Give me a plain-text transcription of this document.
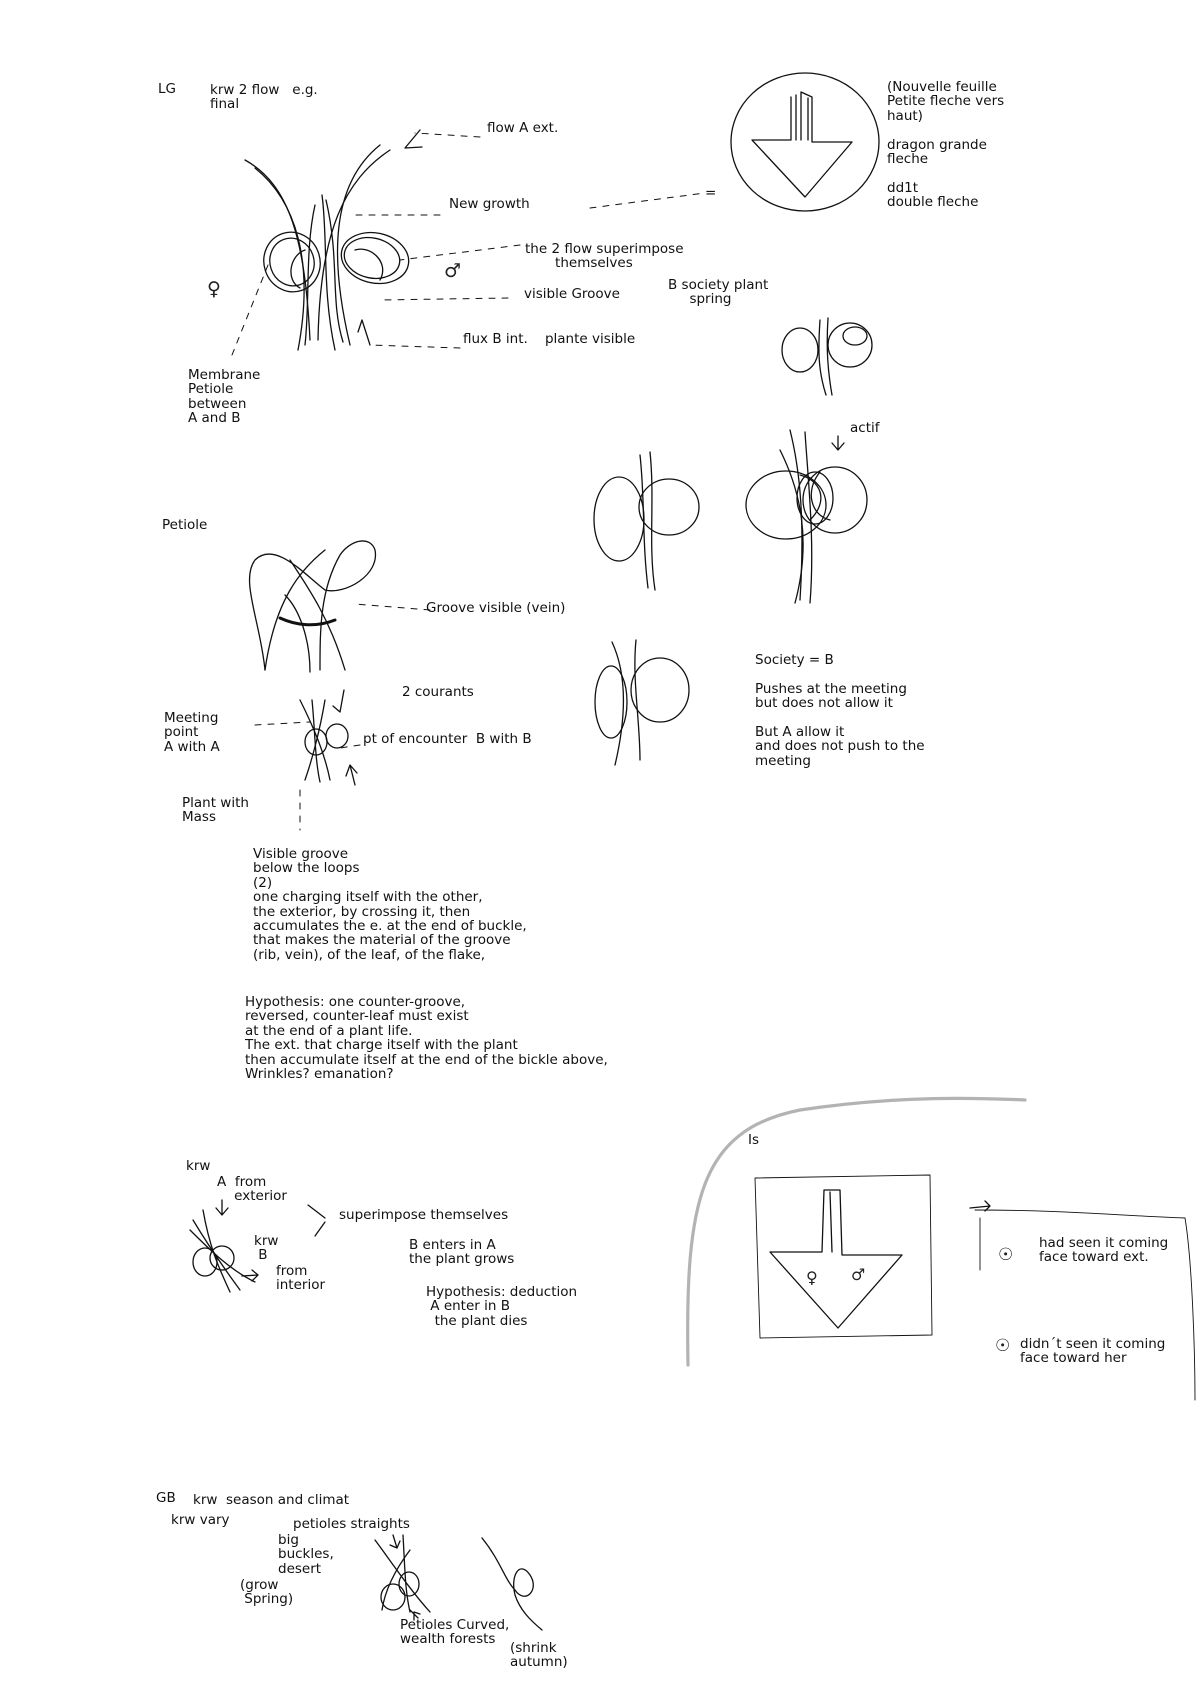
LG	krw 2 flow   e.g.
final
flow A ext.
New growth
the 2 flow superimpose
themselves
visible Groove
flux B int.    plante visible
Membrane
Petiole
between
A and B
♀
♂
=
(Nouvelle feuille
Petite fleche vers
haut)

dragon grande
fleche

dd1t
double fleche
B society plant
spring
actif
Society = B

Pushes at the meeting
but does not allow it

But A allow it
and does not push to the
meeting
Petiole
Groove visible (vein)
2 courants
Meeting
point
A with A	pt of encounter  B with B
Plant with
Mass
Visible groove
below the loops
(2)
one charging itself with the other,
the exterior, by crossing it, then
accumulates the e. at the end of buckle,
that makes the material of the groove
(rib, vein), of the leaf, of the flake,
Hypothesis: one counter-groove,
reversed, counter-leaf must exist
at the end of a plant life.
The ext. that charge itself with the plant
then accumulate itself at the end of the bickle above,
Wrinkles? emanation?
krw
A  from
exterior
krw
B
from
interior
superimpose themselves
B enters in A
the plant grows
Hypothesis: deduction
A enter in B
the plant dies
Is
♀ ♂
had seen it coming
face toward ext.
didn´t seen it coming
face toward her
☉
☉
GB krw  season and climat
krw vary	petioles straights
big
buckles,
desert
(grow
Spring)
Petioles Curved,
wealth forests
(shrink
autumn)
